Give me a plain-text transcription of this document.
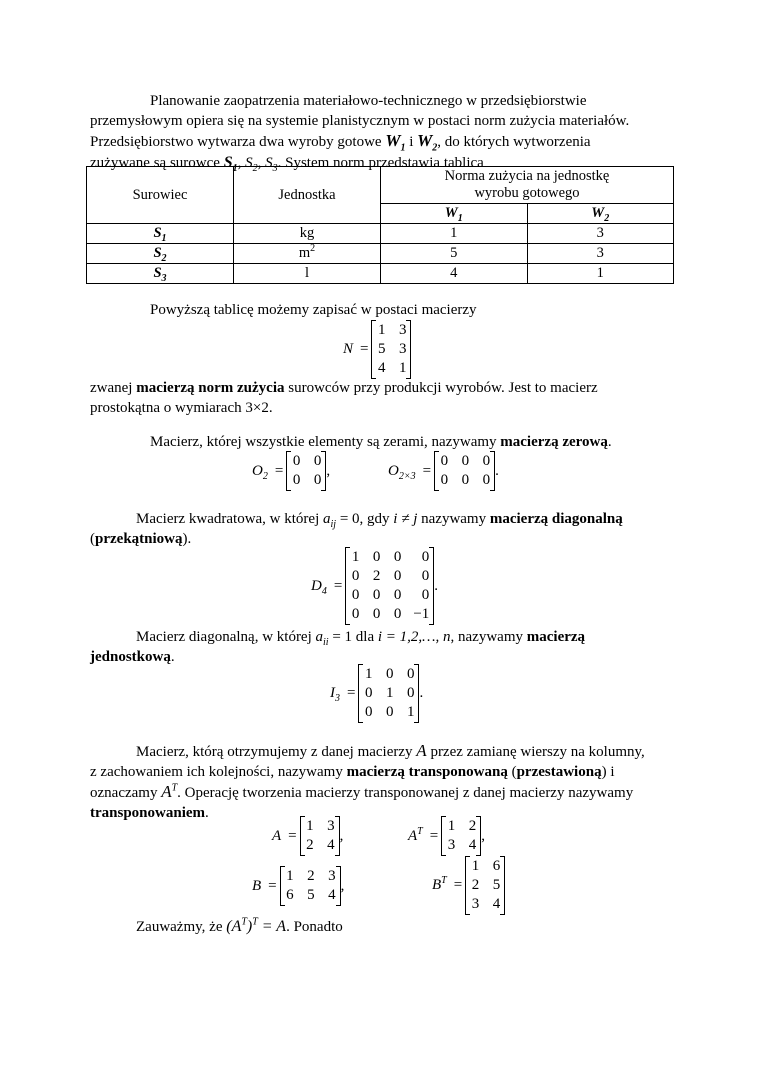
Planowanie zaopatrzenia materiałowo-technicznego w przedsiębiorstwie
przemysłowym opiera się na systemie planistycznym w postaci norm zużycia materiałów.
Przedsiębiorstwo wytwarza dwa wyroby gotowe $W_1$ i $W_2$, do których wytworzenia
zużywane są surowce $S_1$, $S_2$, $S_3$. System norm przedstawia tablica
Surowiec	Jednostka	Norma zużycia na jednostkę wyrobu gotowego	
		$W_1$	$W_2$
$S_1$	kg	1	3
$S_2$	$m^2$	5	3
$S_3$	l	4	1
Powyższą tablicę możemy zapisać w postaci macierzy
N =
1 3
5 3
4 1
zwanej macierzą norm zużycia surowców przy produkcji wyrobów. Jest to macierz
prostokątna o wymiarach 3×2.
Macierz, której wszystkie elementy są zerami, nazywamy macierzą zerową.
$O_2$ =
0 0
0 0
,	$O_{2\times 3}$ =
0 0 0
0 0 0
.
Macierz kwadratowa, w której $a_{ij} = 0$, gdy i ≠ j nazywamy macierzą diagonalną
(przekątniową).
$D_4$ =
1 0 0	0
0 2 0	0
0 0 0	0
0 0 0 −1
.
Macierz diagonalną, w której $a_{ii} = 1$ dla i = 1,2,…, n, nazywamy macierzą
jednostkową.
$I_3$ =
1 0 0
0 1 0
0 0 1
.
Macierz, którą otrzymujemy z danej macierzy A przez zamianę wierszy na kolumny,
z zachowaniem ich kolejności, nazywamy macierzą transponowaną (przestawioną) i
oznaczamy $A^T$. Operację tworzenia macierzy transponowanej z danej macierzy nazywamy
transponowaniem.
A =
1 3
2 4
,	$A^T$ =
1 2
3 4
,
B =
1 2 3
6 5 4
,	$B^T$ =
1 6
2 5
3 4
Zauważmy, że $(A^T)^T = A$. Ponadto
